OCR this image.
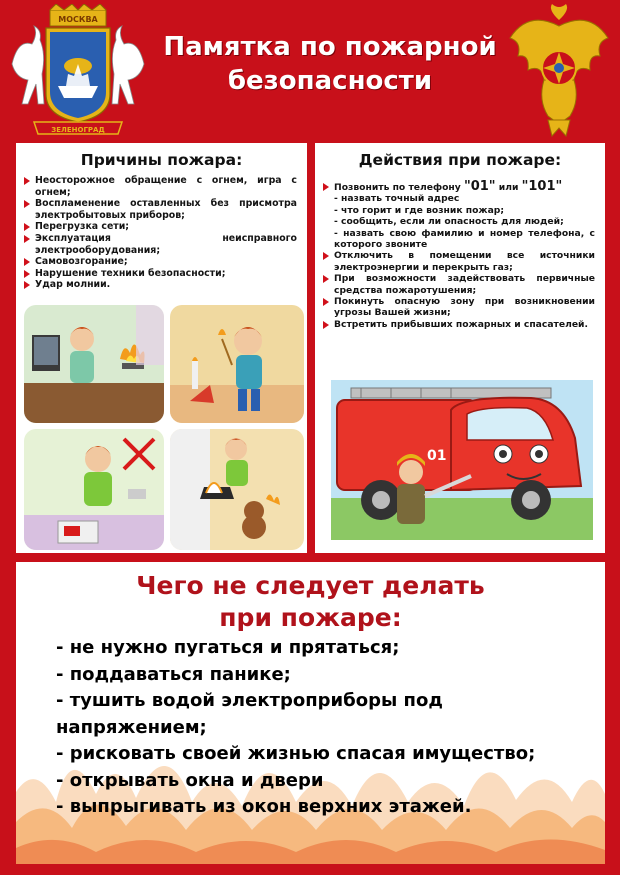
МОСКВА
ЗЕЛЕНОГРАД
Памятка по пожарной
безопасности
Причины пожара:
Неосторожное обращение с огнем, игра с огнем;
Воспламенение оставленных без присмотра электробытовых приборов;
Перегрузка сети;
Эксплуатация неисправного электрооборудования;
Самовозгорание;
Нарушение техники безопасности;
Удар молнии.
Действия при пожаре:
Позвонить по телефону "01" или "101"
- назвать точный адрес
- что горит и где возник пожар;
- сообщить, если ли опасность для людей;
- назвать свою фамилию и номер телефона, с которого звоните
Отключить в помещении все источники электроэнергии и перекрыть газ;
При возможности задействовать первичные средства пожаротушения;
Покинуть опасную зону при возникновении угрозы Вашей жизни;
Встретить прибывших пожарных и спасателей.
01
Чего не следует делать
при пожаре:
- не нужно пугаться и прятаться;
- поддаваться панике;
- тушить водой электроприборы под
напряжением;
- рисковать своей жизнью спасая имущество;
- открывать окна и двери
- выпрыгивать из окон верхних этажей.
